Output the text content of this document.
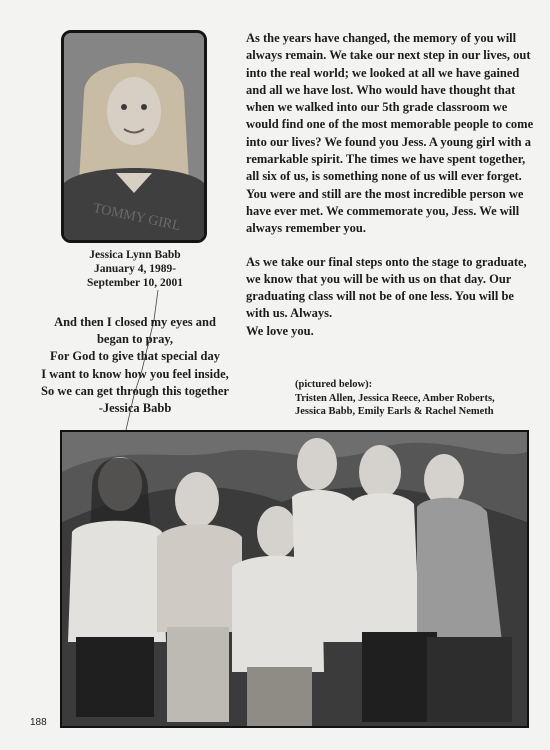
TOMMY GIRL
Jessica Lynn Babb
January 4, 1989-
September 10, 2001
And then I closed my eyes and
began to pray,
For God to give that special day
I want to know how you feel inside,
So we can get through this together
-Jessica Babb

As the years have changed, the memory of you will always remain. We take our next step in our lives, out into the real world; we looked at all we have gained and all we have lost. Who would have thought that when we walked into our 5th grade classroom we would find one of the most memorable people to come into our lives? We found you Jess. A young girl with a remarkable spirit. The times we have spent together, all six of us, is something none of us will ever forget. You were and still are the most incredible person we have ever met. We commemorate you, Jess. We will always remember you.

As we take our final steps onto the stage to graduate, we know that you will be with us on that day. Our graduating class will not be of one less. You will be with us. Always.

We love you.

(pictured below):
Tristen Allen, Jessica Reece, Amber Roberts,
Jessica Babb, Emily Earls & Rachel Nemeth
188
